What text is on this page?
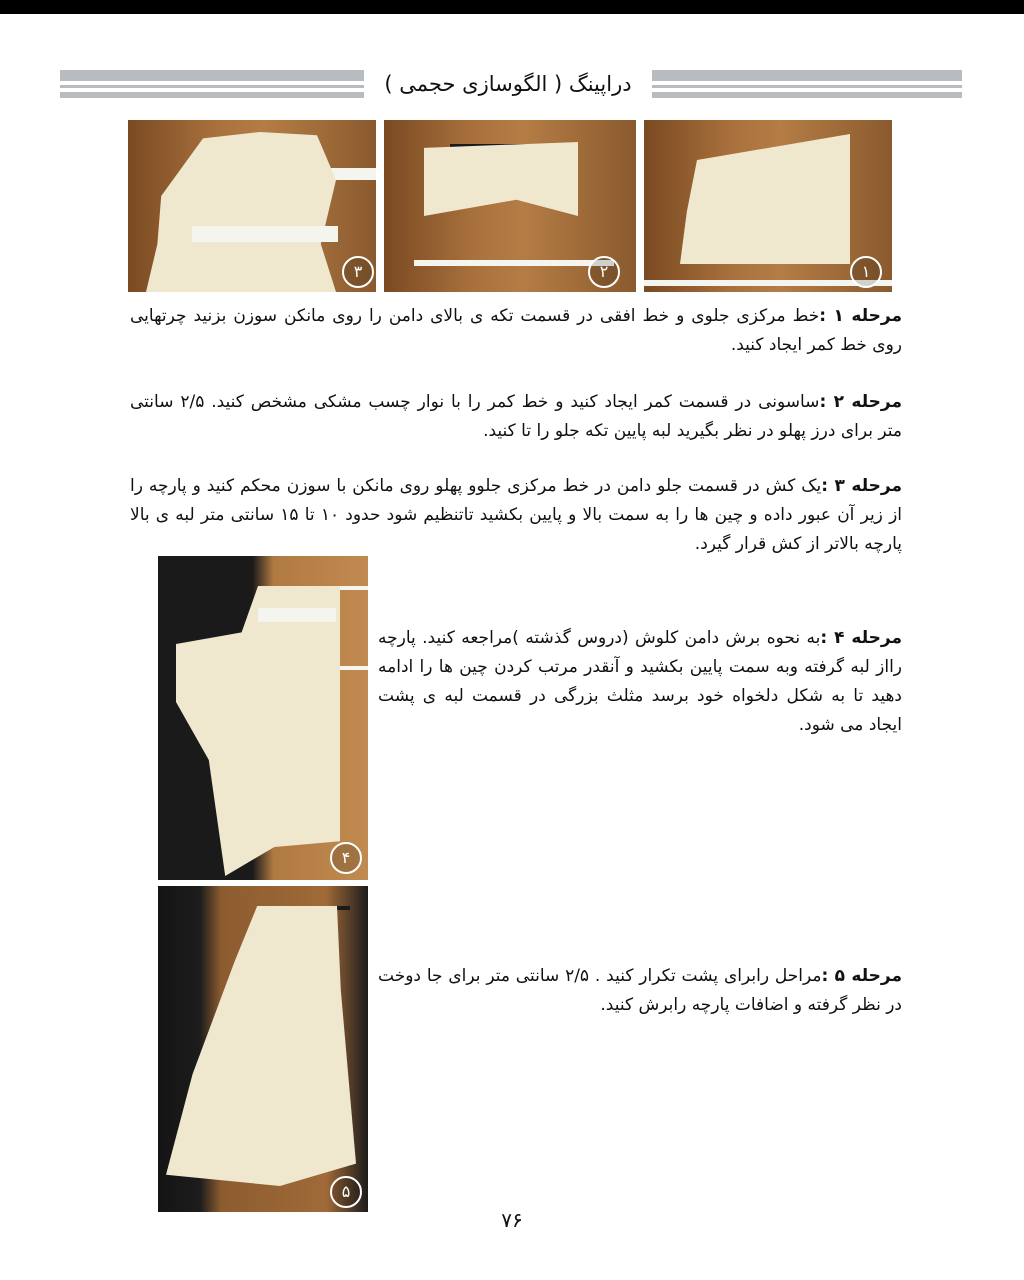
دراپینگ ( الگوسازی حجمی )
۳	۲	۱
مرحله ۱ :خط مرکزی جلوی و خط افقی در قسمت تکه ی بالای دامن را روی مانکن سوزن بزنید چرتهایی روی خط کمر ایجاد کنید.
مرحله ۲ :ساسونی در قسمت کمر ایجاد کنید و خط کمر را با نوار چسب مشکی مشخص کنید. ۲/۵ سانتی متر برای درز پهلو در نظر بگیرید لبه پایین تکه جلو را تا کنید.
مرحله ۳ :یک کش در قسمت جلو دامن در خط مرکزی جلوو پهلو روی مانکن با سوزن محکم کنید و پارچه را از زیر آن عبور داده و چین ها را به سمت بالا و پایین بکشید تاتنظیم شود حدود ۱۰ تا ۱۵ سانتی متر لبه ی بالا پارچه بالاتر از کش قرار گیرد.
۴
مرحله ۴ :به نحوه برش دامن کلوش (دروس گذشته )مراجعه کنید. پارچه رااز لبه گرفته وبه سمت پایین بکشید و آنقدر مرتب کردن چین ها را ادامه دهید تا به شکل دلخواه خود برسد مثلث بزرگی در قسمت لبه ی پشت ایجاد می شود.
۵
مرحله ۵ :مراحل رابرای پشت تکرار کنید . ۲/۵ سانتی متر برای جا دوخت در نظر گرفته و اضافات پارچه رابرش کنید.
۷۶
